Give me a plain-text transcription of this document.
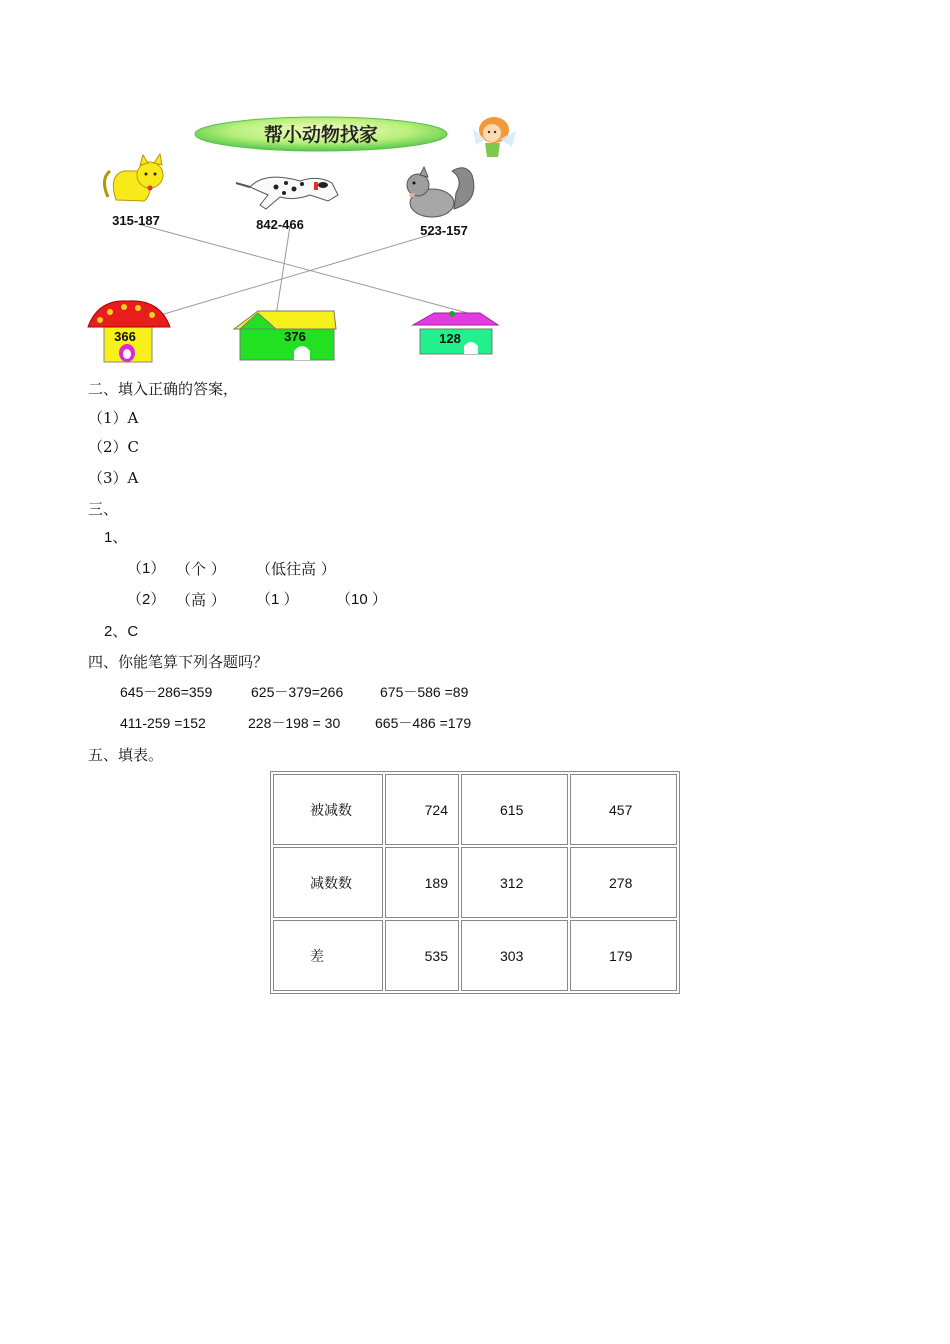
帮小动物找家
315-187	842-466	523-157
366	376	128
二、填入正确的答案，
（1）A
（2）C
（3）A
三、
1、
（1） （个 ） （低往高 ）
（2） （高 ） （1 ） （10 ）
2、C
四、你能笔算下列各题吗？
645－286=359	625－379=266	675－586 =89
411-259 =152	228－198 = 30 665－486 =179
五、填表。
被减数	724	615	457
减数数	189	312	278
差	535	303	179
